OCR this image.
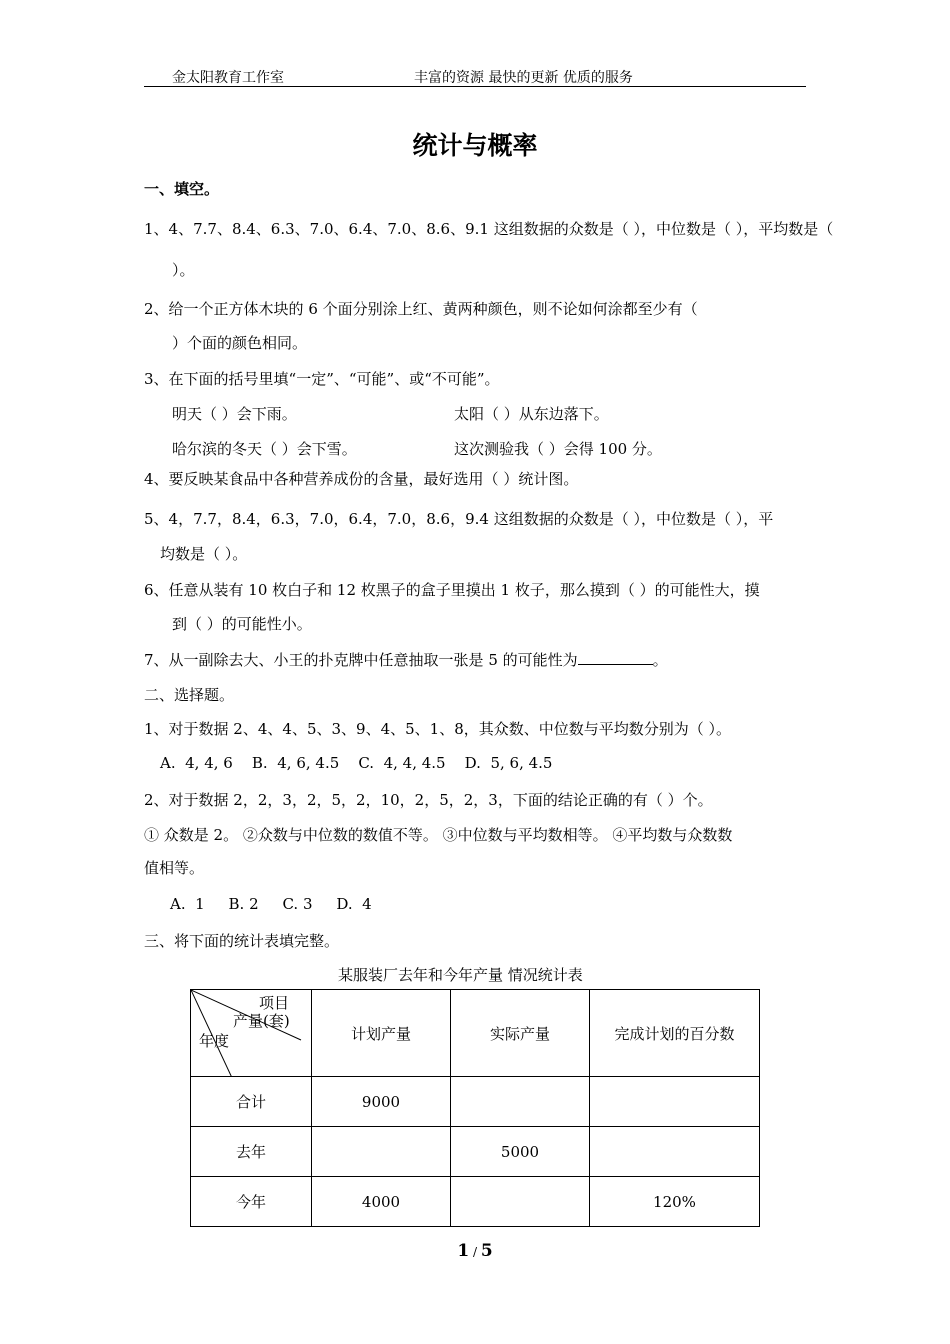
金太阳教育工作室	丰富的资源 最快的更新 优质的服务
统计与概率
一、填空。
1、4、7.7、8.4、6.3、7.0、6.4、7.0、8.6、9.1 这组数据的众数是（ ），中位数是（ ），平均数是（
）。
2、给一个正方体木块的 6 个面分别涂上红、黄两种颜色，则不论如何涂都至少有（
）个面的颜色相同。
3、在下面的括号里填“一定”、“可能”、或“不可能”。
明天（ ）会下雨。	太阳（ ）从东边落下。
哈尔滨的冬天（ ）会下雪。	这次测验我（ ）会得 100 分。
4、要反映某食品中各种营养成份的含量，最好选用（ ）统计图。
5、4，7.7，8.4，6.3，7.0，6.4，7.0，8.6，9.4 这组数据的众数是（ ），中位数是（ ），平
均数是（ ）。
6、任意从装有 10 枚白子和 12 枚黑子的盒子里摸出 1 枚子，那么摸到（ ）的可能性大，摸
到（ ）的可能性小。
7、从一副除去大、小王的扑克牌中任意抽取一张是 5 的可能性为	。
二、选择题。
1、对于数据 2、4、4、5、3、9、4、5、1、8，其众数、中位数与平均数分别为（ ）。
A.  4, 4, 6    B.  4, 6, 4.5    C.  4, 4, 4.5    D.  5, 6, 4.5
2、对于数据 2，2，3，2，5，2，10，2，5，2，3，下面的结论正确的有（ ）个。
① 众数是 2。 ②众数与中位数的数值不等。 ③中位数与平均数相等。 ④平均数与众数数
值相等。
A.  1     B. 2     C. 3     D.  4
三、将下面的统计表填完整。
某服装厂去年和今年产量 情况统计表
项目
产量(套)
年度	计划产量	实际产量	完成计划的百分数
合计	9000		
去年		5000	
今年	4000		120%
1 / 5
